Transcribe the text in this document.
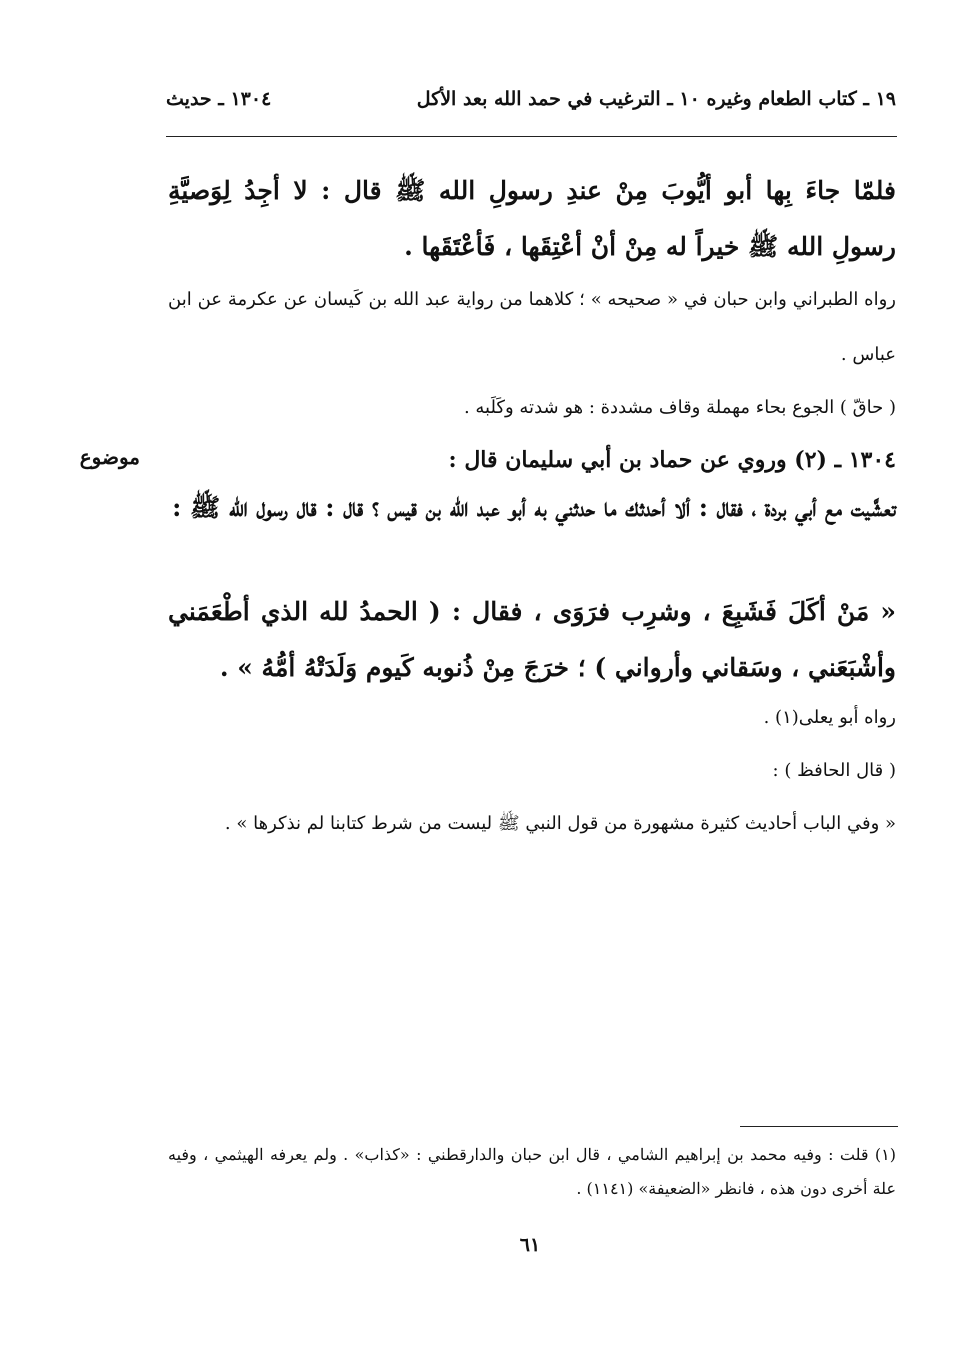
١٩ ـ كتاب الطعام وغيره ١٠ ـ الترغيب في حمد الله بعد الأكل
١٣٠٤ ـ حديث
فلمّا جاءَ بِها أبو أيُّوبَ مِنْ عندِ رسولِ الله ﷺ قال : لا أجِدُ لِوَصيَّةِ رسولِ الله ﷺ خيراً له مِنْ أنْ أعْتِقَها ، فَأعْتَقَها .
رواه الطبراني وابن حبان في « صحيحه » ؛ كلاهما من رواية عبد الله بن كَيسان عن عكرمة عن ابن عباس .
( حاقّ ) الجوع بحاء مهملة وقاف مشددة : هو شدته وكَلَبه .
موضوع	١٣٠٤ ـ (٢) وروي عن حماد بن أبي سليمان قال :
تعشَّيت مع أبي بردة ، فقال : ألا أحدثك ما حدثني به أبو عبد الله بن قيس ؟ قال : قال رسول الله ﷺ :
« مَنْ أكَلَ فَشَبِعَ ، وشرِب فرَوَى ، فقال : ( الحمدُ لله الذي أطْعَمَني وأشْبَعَني ، وسَقاني وأرواني ) ؛ خرَجَ مِنْ ذُنوبه كَيوم وَلَدَتْهُ أمُّهُ » .
رواه أبو يعلى(١) .
( قال الحافظ ) :
« وفي الباب أحاديث كثيرة مشهورة من قول النبي ﷺ ليست من شرط كتابنا لم نذكرها » .
(١) قلت : وفيه محمد بن إبراهيم الشامي ، قال ابن حبان والدارقطني : «كذاب» . ولم يعرفه الهيثمي ، وفيه علة أخرى دون هذه ، فانظر «الضعيفة» (١١٤١) .
٦١
